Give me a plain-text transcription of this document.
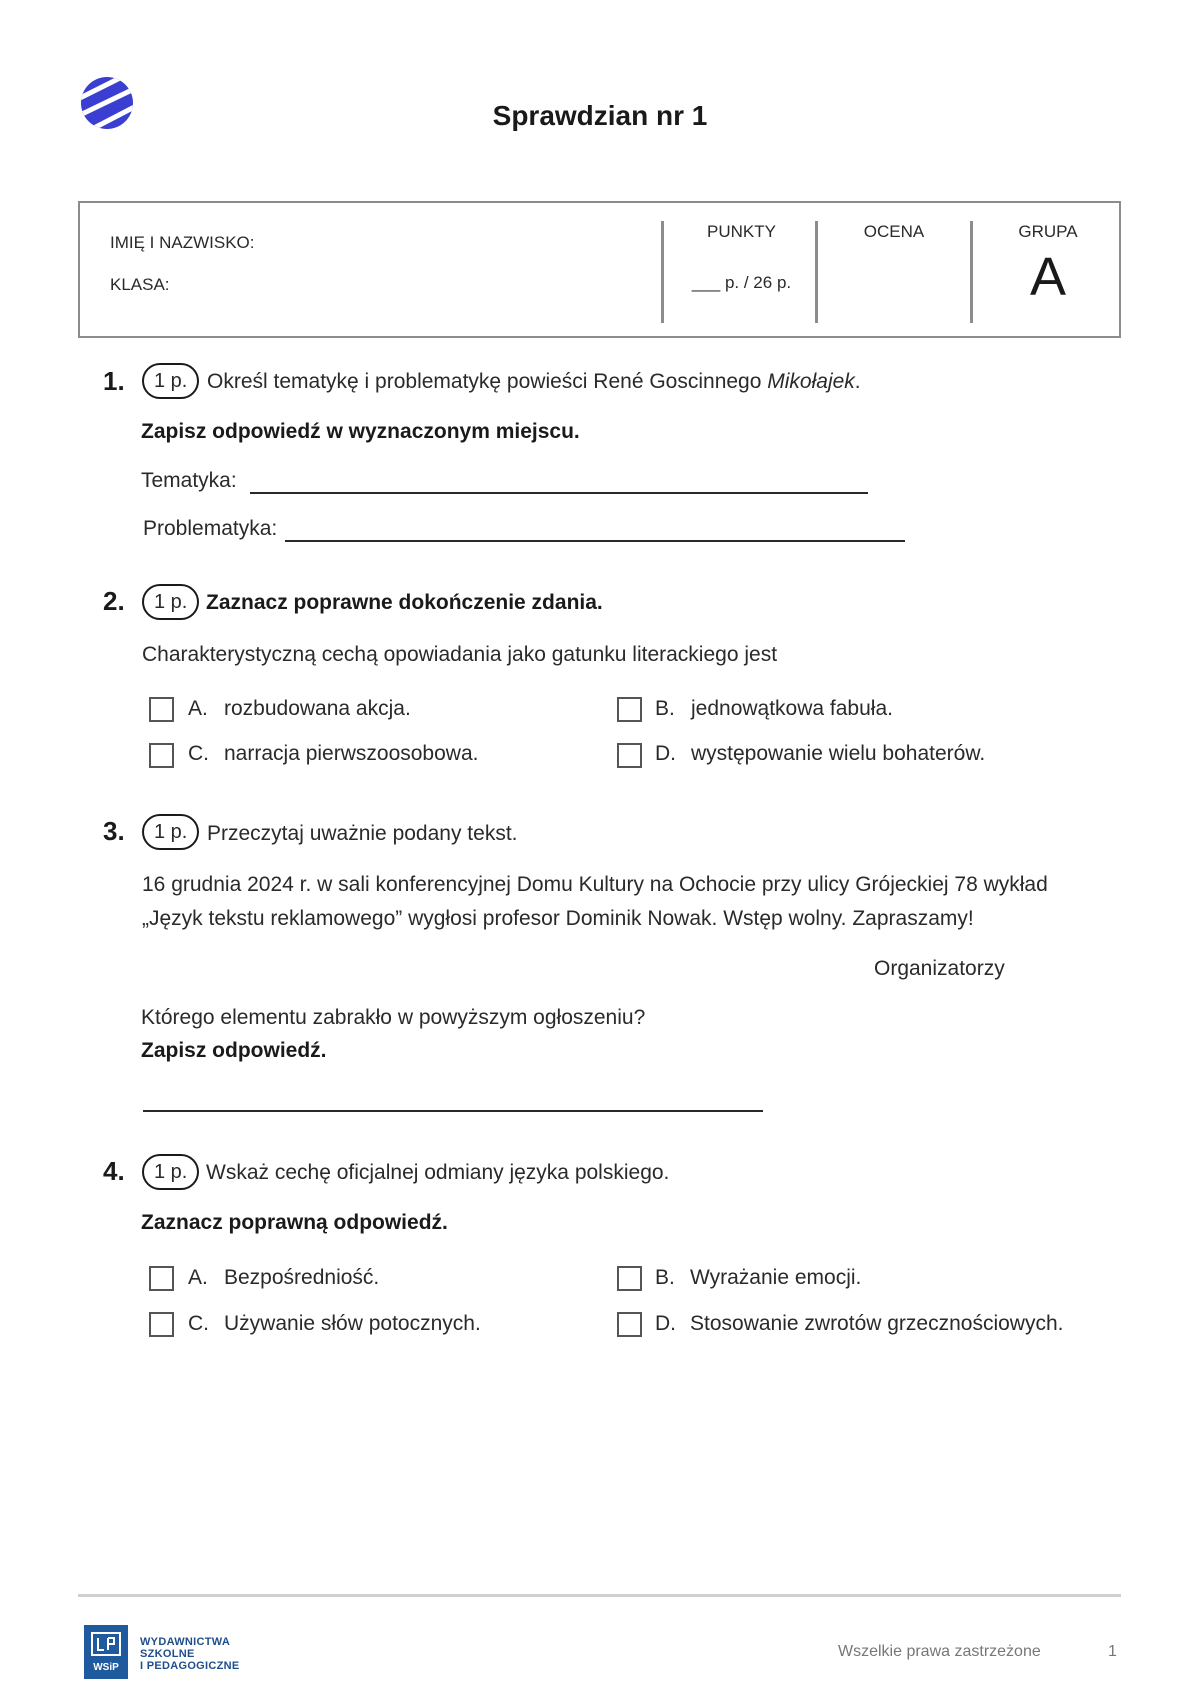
Sprawdzian nr 1
IMIĘ I NAZWISKO:
KLASA:
PUNKTY
___ p. / 26 p.
OCENA	GRUPA
A
1.	1 p. Określ tematykę i problematykę powieści René Goscinnego Mikołajek.
Zapisz odpowiedź w wyznaczonym miejscu.
Tematyka:
Problematyka:
2.	1 p. Zaznacz poprawne dokończenie zdania.
Charakterystyczną cechą opowiadania jako gatunku literackiego jest
A. rozbudowana akcja.	B. jednowątkowa fabuła.
C. narracja pierwszoosobowa.	D. występowanie wielu bohaterów.
3.	1 p. Przeczytaj uważnie podany tekst.
16 grudnia 2024 r. w sali konferencyjnej Domu Kultury na Ochocie przy ulicy Grójeckiej 78 wykład
„Język tekstu reklamowego” wygłosi profesor Dominik Nowak. Wstęp wolny. Zapraszamy!
Organizatorzy
Którego elementu zabrakło w powyższym ogłoszeniu?
Zapisz odpowiedź.
4.	1 p. Wskaż cechę oficjalnej odmiany języka polskiego.
Zaznacz poprawną odpowiedź.
A. Bezpośredniość.	B. Wyrażanie emocji.
C. Używanie słów potocznych.	D. Stosowanie zwrotów grzecznościowych.
WSiP
WYDAWNICTWA
SZKOLNE
I PEDAGOGICZNE
Wszelkie prawa zastrzeżone	1
